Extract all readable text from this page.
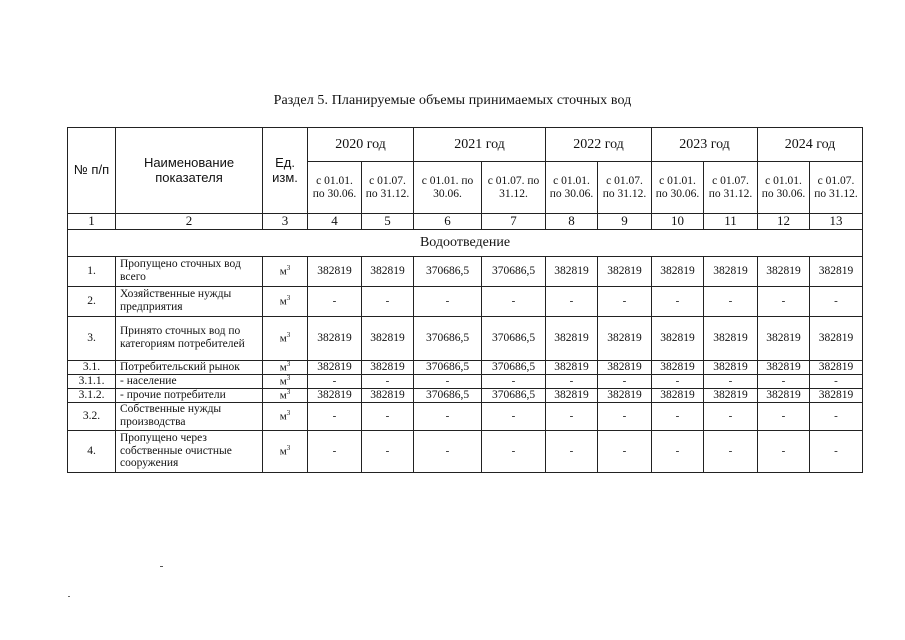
Раздел 5. Планируемые объемы принимаемых сточных вод
№ п/п	Наименование показателя	Ед. изм.	2020 год		2021 год		2022 год		2023 год		2024 год	
			с 01.01. по 30.06.	с 01.07. по 31.12.	с 01.01. по 30.06.	с 01.07. по 31.12.	с 01.01. по 30.06.	с 01.07. по 31.12.	с 01.01. по 30.06.	с 01.07. по 31.12.	с 01.01. по 30.06.	с 01.07. по 31.12.
1	2	3	4	5	6	7	8	9	10	11	12	13
Водоотведение												
1.	Пропущено сточных вод всего	$м^3$	382819	382819	370686,5	370686,5	382819	382819	382819	382819	382819	382819
2.	Хозяйственные нужды предприятия	$м^3$	-	-	-	-	-	-	-	-	-	-
3.	Принято сточных вод по категориям потребителей	$м^3$	382819	382819	370686,5	370686,5	382819	382819	382819	382819	382819	382819
3.1.	Потребительский рынок	$м^3$	382819	382819	370686,5	370686,5	382819	382819	382819	382819	382819	382819
3.1.1.	- население	$м^3$	-	-	-	-	-	-	-	-	-	-
3.1.2.	- прочие потребители	$м^3$	382819	382819	370686,5	370686,5	382819	382819	382819	382819	382819	382819
3.2.	Собственные нужды производства	$м^3$	-	-	-	-	-	-	-	-	-	-
4.	Пропущено через собственные очистные сооружения	$м^3$	-	-	-	-	-	-	-	-	-	-
